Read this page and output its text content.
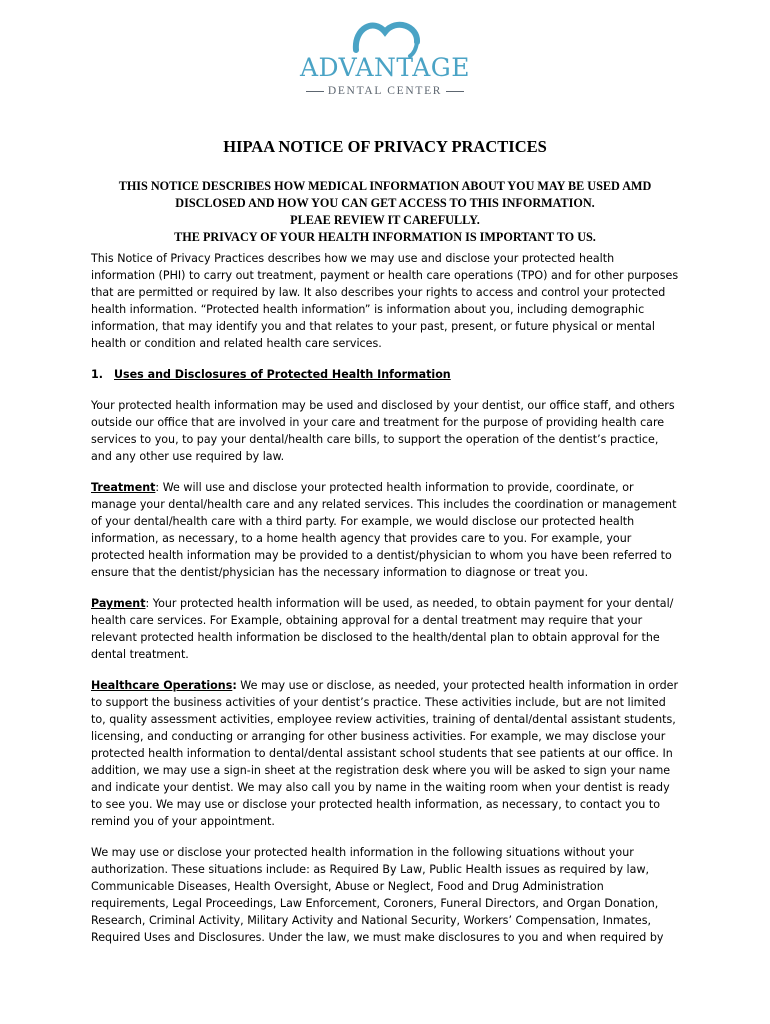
ADVANTAGE
DENTAL CENTER
HIPAA NOTICE OF PRIVACY PRACTICES
THIS NOTICE DESCRIBES HOW MEDICAL INFORMATION ABOUT YOU MAY BE USED AMD
DISCLOSED AND HOW YOU CAN GET ACCESS TO THIS INFORMATION.
PLEAE REVIEW IT CAREFULLY.
THE PRIVACY OF YOUR HEALTH INFORMATION IS IMPORTANT TO US.

This Notice of Privacy Practices describes how we may use and disclose your protected health information (PHI) to carry out treatment, payment or health care operations (TPO) and for other purposes that are permitted or required by law. It also describes your rights to access and control your protected health information. “Protected health information” is information about you, including demographic information, that may identify you and that relates to your past, present, or future physical or mental health or condition and related health care services.

1. Uses and Disclosures of Protected Health Information

Your protected health information may be used and disclosed by your dentist, our office staff, and others outside our office that are involved in your care and treatment for the purpose of providing health care services to you, to pay your dental/health care bills, to support the operation of the dentist’s practice, and any other use required by law.

Treatment: We will use and disclose your protected health information to provide, coordinate, or manage your dental/health care and any related services. This includes the coordination or management of your dental/health care with a third party. For example, we would disclose our protected health information, as necessary, to a home health agency that provides care to you. For example, your protected health information may be provided to a dentist/physician to whom you have been referred to ensure that the dentist/physician has the necessary information to diagnose or treat you.

Payment: Your protected health information will be used, as needed, to obtain payment for your dental/ health care services. For Example, obtaining approval for a dental treatment may require that your relevant protected health information be disclosed to the health/dental plan to obtain approval for the dental treatment.

Healthcare Operations: We may use or disclose, as needed, your protected health information in order to support the business activities of your dentist’s practice. These activities include, but are not limited to, quality assessment activities, employee review activities, training of dental/dental assistant students, licensing, and conducting or arranging for other business activities. For example, we may disclose your protected health information to dental/dental assistant school students that see patients at our office. In addition, we may use a sign-in sheet at the registration desk where you will be asked to sign your name and indicate your dentist. We may also call you by name in the waiting room when your dentist is ready to see you. We may use or disclose your protected health information, as necessary, to contact you to remind you of your appointment.

We may use or disclose your protected health information in the following situations without your authorization. These situations include: as Required By Law, Public Health issues as required by law, Communicable Diseases, Health Oversight, Abuse or Neglect, Food and Drug Administration requirements, Legal Proceedings, Law Enforcement, Coroners, Funeral Directors, and Organ Donation, Research, Criminal Activity, Military Activity and National Security, Workers’ Compensation, Inmates, Required Uses and Disclosures. Under the law, we must make disclosures to you and when required by
